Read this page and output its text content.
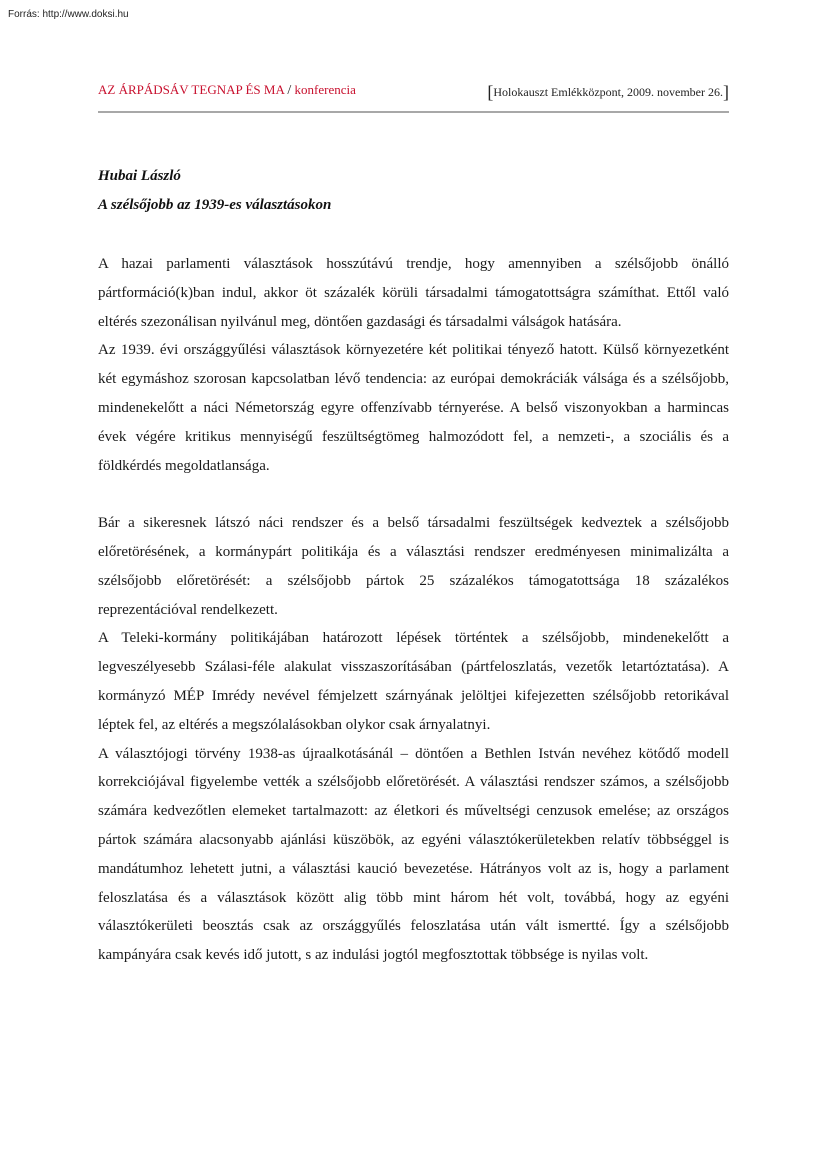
Forrás: http://www.doksi.hu
AZ ÁRPÁDSÁV TEGNAP ÉS MA / konferencia	[Holokauszt Emlékközpont, 2009. november 26.]
Hubai László
A szélsőjobb az 1939-es választásokon

A hazai parlamenti választások hosszútávú trendje, hogy amennyiben a szélsőjobb önálló pártformáció(k)ban indul, akkor öt százalék körüli társadalmi támogatottságra számíthat. Ettől való eltérés szezonálisan nyilvánul meg, döntően gazdasági és társadalmi válságok hatására.

Az 1939. évi országgyűlési választások környezetére két politikai tényező hatott. Külső környezetként két egymáshoz szorosan kapcsolatban lévő tendencia: az európai demokráciák válsága és a szélsőjobb, mindenekelőtt a náci Németország egyre offenzívabb térnyerése. A belső viszonyokban a harmincas évek végére kritikus mennyiségű feszültségtömeg halmozódott fel, a nemzeti-, a szociális és a földkérdés megoldatlansága.

Bár a sikeresnek látszó náci rendszer és a belső társadalmi feszültségek kedveztek a szélsőjobb előretörésének, a kormánypárt politikája és a választási rendszer eredményesen minimalizálta a szélsőjobb előretörését: a szélsőjobb pártok 25 százalékos támogatottsága 18 százalékos reprezentációval rendelkezett.

A Teleki-kormány politikájában határozott lépések történtek a szélsőjobb, mindenekelőtt a legveszélyesebb Szálasi-féle alakulat visszaszorításában (pártfeloszlatás, vezetők letartóztatása). A kormányzó MÉP Imrédy nevével fémjelzett szárnyának jelöltjei kifejezetten szélsőjobb retorikával léptek fel, az eltérés a megszólalásokban olykor csak árnyalatnyi.

A választójogi törvény 1938-as újraalkotásánál – döntően a Bethlen István nevéhez kötődő modell korrekciójával figyelembe vették a szélsőjobb előretörését. A választási rendszer számos, a szélsőjobb számára kedvezőtlen elemeket tartalmazott: az életkori és műveltségi cenzusok emelése; az országos pártok számára alacsonyabb ajánlási küszöbök, az egyéni választókerületekben relatív többséggel is mandátumhoz lehetett jutni, a választási kaució bevezetése. Hátrányos volt az is, hogy a parlament feloszlatása és a választások között alig több mint három hét volt, továbbá, hogy az egyéni választókerületi beosztás csak az országgyűlés feloszlatása után vált ismertté. Így a szélsőjobb kampányára csak kevés idő jutott, s az indulási jogtól megfosztottak többsége is nyilas volt.
